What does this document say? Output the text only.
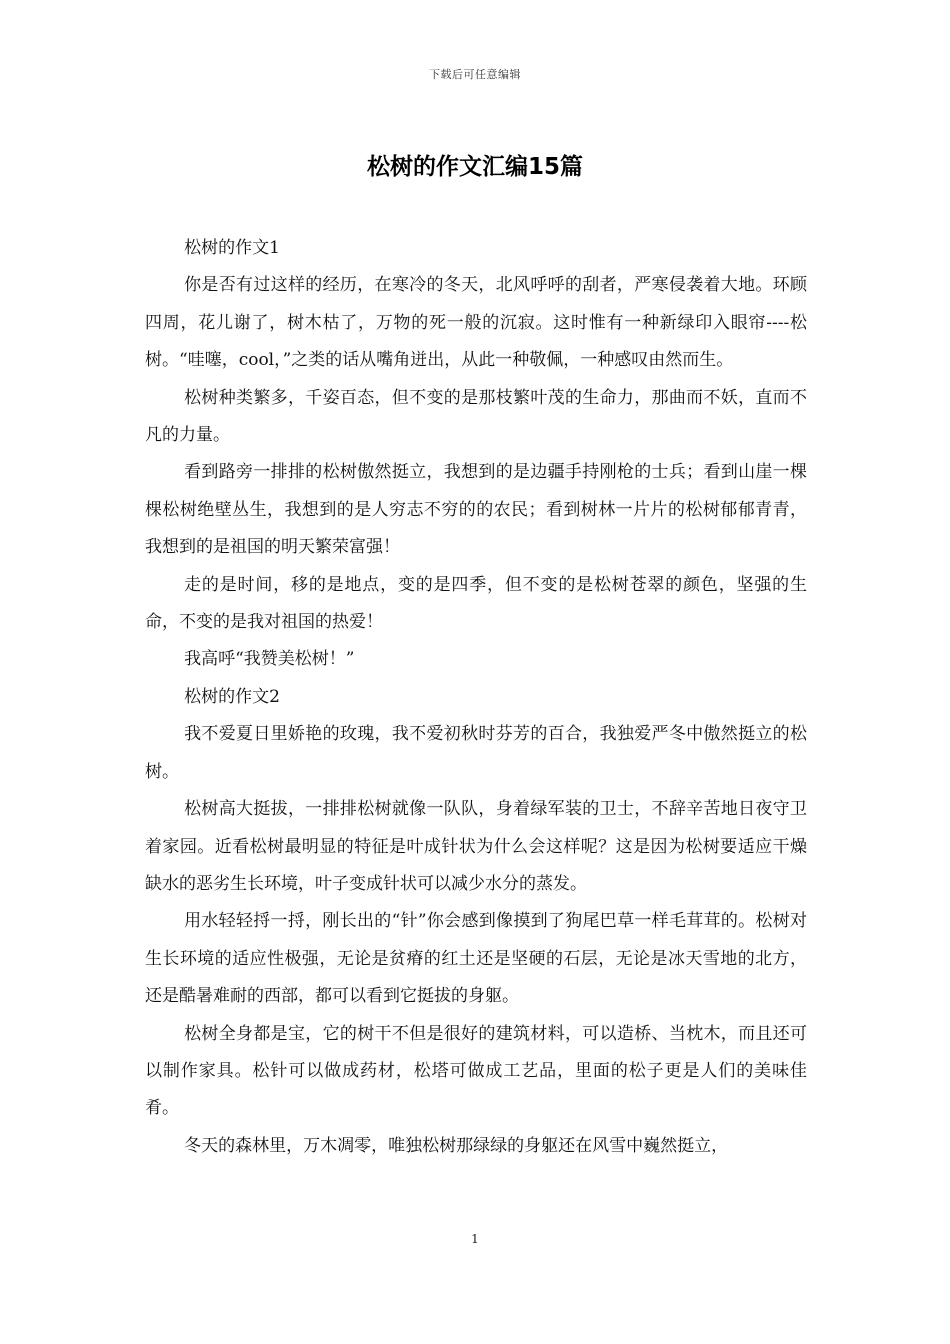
下载后可任意编辑
松树的作文汇编15篇

松树的作文1

你是否有过这样的经历，在寒冷的冬天，北风呼呼的刮者，严寒侵袭着大地。环顾四周，花儿谢了，树木枯了，万物的死一般的沉寂。这时惟有一种新绿印入眼帘----松树。“哇噻，cool，”之类的话从嘴角迸出，从此一种敬佩，一种感叹由然而生。

松树种类繁多，千姿百态，但不变的是那枝繁叶茂的生命力，那曲而不妖，直而不凡的力量。

看到路旁一排排的松树傲然挺立，我想到的是边疆手持刚枪的士兵；看到山崖一棵棵松树绝壁丛生，我想到的是人穷志不穷的的农民；看到树林一片片的松树郁郁青青，我想到的是祖国的明天繁荣富强！

走的是时间，移的是地点，变的是四季，但不变的是松树苍翠的颜色，坚强的生命，不变的是我对祖国的热爱！

我高呼“我赞美松树！”

松树的作文2

我不爱夏日里娇艳的玫瑰，我不爱初秋时芬芳的百合，我独爱严冬中傲然挺立的松树。

松树高大挺拔，一排排松树就像一队队，身着绿军装的卫士，不辞辛苦地日夜守卫着家园。近看松树最明显的特征是叶成针状为什么会这样呢？这是因为松树要适应干燥缺水的恶劣生长环境，叶子变成针状可以减少水分的蒸发。

用水轻轻捋一捋，刚长出的“针”你会感到像摸到了狗尾巴草一样毛茸茸的。松树对生长环境的适应性极强，无论是贫瘠的红土还是坚硬的石层，无论是冰天雪地的北方，还是酷暑难耐的西部，都可以看到它挺拔的身躯。

松树全身都是宝，它的树干不但是很好的建筑材料，可以造桥、当枕木，而且还可以制作家具。松针可以做成药材，松塔可做成工艺品，里面的松子更是人们的美味佳肴。

冬天的森林里，万木凋零，唯独松树那绿绿的身躯还在风雪中巍然挺立，

1
